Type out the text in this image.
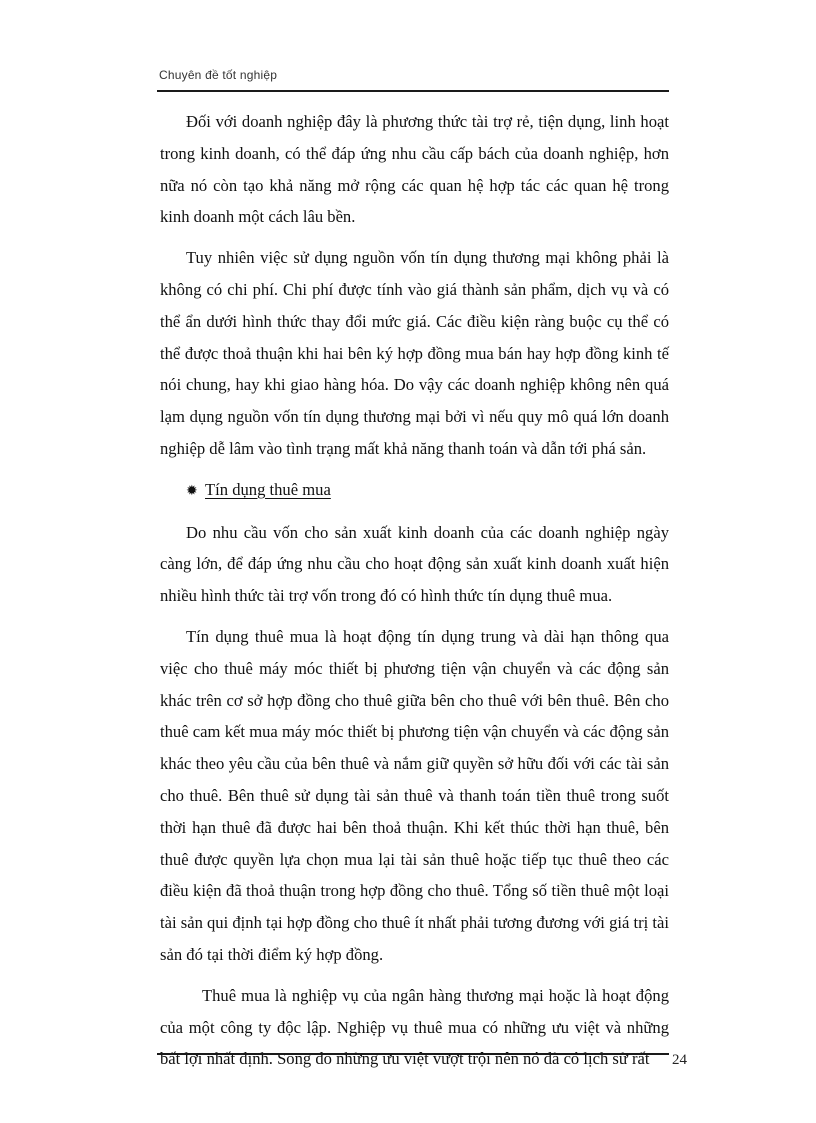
Chuyên đề tốt nghiệp

Đối với doanh nghiệp đây là phương thức tài trợ rẻ, tiện dụng, linh hoạt trong kinh doanh, có thể đáp ứng nhu cầu cấp bách của doanh nghiệp, hơn nữa nó còn tạo khả năng mở rộng các quan hệ hợp tác các quan hệ trong kinh doanh một cách lâu bền.

Tuy nhiên việc sử dụng nguồn vốn tín dụng thương mại không phải là không có chi phí. Chi phí được tính vào giá thành sản phẩm, dịch vụ và có thể ẩn dưới hình thức thay đổi mức giá. Các điều kiện ràng buộc cụ thể có thể được thoả thuận khi hai bên ký hợp đồng mua bán hay hợp đồng kinh tế nói chung, hay khi giao hàng hóa. Do vậy các doanh nghiệp không nên quá lạm dụng nguồn vốn tín dụng thương mại bởi vì nếu quy mô quá lớn doanh nghiệp dễ lâm vào tình trạng mất khả năng thanh toán và dẫn tới phá sản.

✹ Tín dụng thuê mua

Do nhu cầu vốn cho sản xuất kinh doanh của các doanh nghiệp ngày càng lớn, để đáp ứng nhu cầu cho hoạt động sản xuất kinh doanh xuất hiện nhiều hình thức tài trợ vốn trong đó có hình thức tín dụng thuê mua.

Tín dụng thuê mua là hoạt động tín dụng trung và dài hạn thông qua việc cho thuê máy móc thiết bị phương tiện vận chuyển và các động sản khác trên cơ sở hợp đồng cho thuê giữa bên cho thuê với bên thuê. Bên cho thuê cam kết mua máy móc thiết bị phương tiện vận chuyển và các động sản khác theo yêu cầu của bên thuê và nắm giữ quyền sở hữu đối với các tài sản cho thuê. Bên thuê sử dụng tài sản thuê và thanh toán tiền thuê trong suốt thời hạn thuê đã được hai bên thoả thuận. Khi kết thúc thời hạn thuê, bên thuê được quyền lựa chọn mua lại tài sản thuê hoặc tiếp tục thuê theo các điều kiện đã thoả thuận trong hợp đồng cho thuê. Tổng số tiền thuê một loại tài sản qui định tại hợp đồng cho thuê ít nhất phải tương đương với giá trị tài sản đó tại thời điểm ký hợp đồng.

Thuê mua là nghiệp vụ của ngân hàng thương mại hoặc là hoạt động của một công ty độc lập. Nghiệp vụ thuê mua có những ưu việt và những bất lợi nhất định. Song do những ưu việt vượt trội nên nó đã có lịch sử rất	24
